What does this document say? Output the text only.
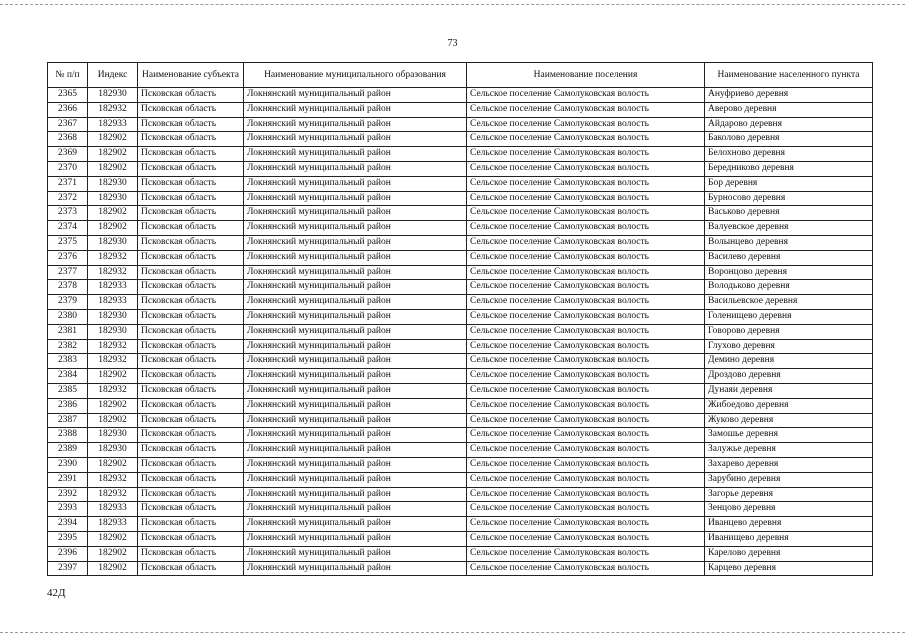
73
№ п/п	Индекс	Наименование субъекта	Наименование муниципального образования	Наименование поселения	Наименование населенного пункта
2365	182930	Псковская область	Локнянский муниципальный район	Сельское поселение Самолуковская волость	Ануфриево деревня
2366	182932	Псковская область	Локнянский муниципальный район	Сельское поселение Самолуковская волость	Аверово деревня
2367	182933	Псковская область	Локнянский муниципальный район	Сельское поселение Самолуковская волость	Айдарово деревня
2368	182902	Псковская область	Локнянский муниципальный район	Сельское поселение Самолуковская волость	Баколово деревня
2369	182902	Псковская область	Локнянский муниципальный район	Сельское поселение Самолуковская волость	Белохново деревня
2370	182902	Псковская область	Локнянский муниципальный район	Сельское поселение Самолуковская волость	Бередниково деревня
2371	182930	Псковская область	Локнянский муниципальный район	Сельское поселение Самолуковская волость	Бор деревня
2372	182930	Псковская область	Локнянский муниципальный район	Сельское поселение Самолуковская волость	Бурносово деревня
2373	182902	Псковская область	Локнянский муниципальный район	Сельское поселение Самолуковская волость	Васьково деревня
2374	182902	Псковская область	Локнянский муниципальный район	Сельское поселение Самолуковская волость	Валуевское деревня
2375	182930	Псковская область	Локнянский муниципальный район	Сельское поселение Самолуковская волость	Волынцево деревня
2376	182932	Псковская область	Локнянский муниципальный район	Сельское поселение Самолуковская волость	Василево деревня
2377	182932	Псковская область	Локнянский муниципальный район	Сельское поселение Самолуковская волость	Воронцово деревня
2378	182933	Псковская область	Локнянский муниципальный район	Сельское поселение Самолуковская волость	Володьково деревня
2379	182933	Псковская область	Локнянский муниципальный район	Сельское поселение Самолуковская волость	Васильевское деревня
2380	182930	Псковская область	Локнянский муниципальный район	Сельское поселение Самолуковская волость	Голенищево деревня
2381	182930	Псковская область	Локнянский муниципальный район	Сельское поселение Самолуковская волость	Говорово деревня
2382	182932	Псковская область	Локнянский муниципальный район	Сельское поселение Самолуковская волость	Глухово деревня
2383	182932	Псковская область	Локнянский муниципальный район	Сельское поселение Самолуковская волость	Демино деревня
2384	182902	Псковская область	Локнянский муниципальный район	Сельское поселение Самолуковская волость	Дроздово деревня
2385	182932	Псковская область	Локнянский муниципальный район	Сельское поселение Самолуковская волость	Дунаяи деревня
2386	182902	Псковская область	Локнянский муниципальный район	Сельское поселение Самолуковская волость	Жибоедово деревня
2387	182902	Псковская область	Локнянский муниципальный район	Сельское поселение Самолуковская волость	Жуково деревня
2388	182930	Псковская область	Локнянский муниципальный район	Сельское поселение Самолуковская волость	Замошье деревня
2389	182930	Псковская область	Локнянский муниципальный район	Сельское поселение Самолуковская волость	Залужье деревня
2390	182902	Псковская область	Локнянский муниципальный район	Сельское поселение Самолуковская волость	Захарево деревня
2391	182932	Псковская область	Локнянский муниципальный район	Сельское поселение Самолуковская волость	Зарубино деревня
2392	182932	Псковская область	Локнянский муниципальный район	Сельское поселение Самолуковская волость	Загорье деревня
2393	182933	Псковская область	Локнянский муниципальный район	Сельское поселение Самолуковская волость	Зенцово деревня
2394	182933	Псковская область	Локнянский муниципальный район	Сельское поселение Самолуковская волость	Иванцево деревня
2395	182902	Псковская область	Локнянский муниципальный район	Сельское поселение Самолуковская волость	Иванищево деревня
2396	182902	Псковская область	Локнянский муниципальный район	Сельское поселение Самолуковская волость	Карелово деревня
2397	182902	Псковская область	Локнянский муниципальный район	Сельское поселение Самолуковская волость	Карцево деревня
42Д
